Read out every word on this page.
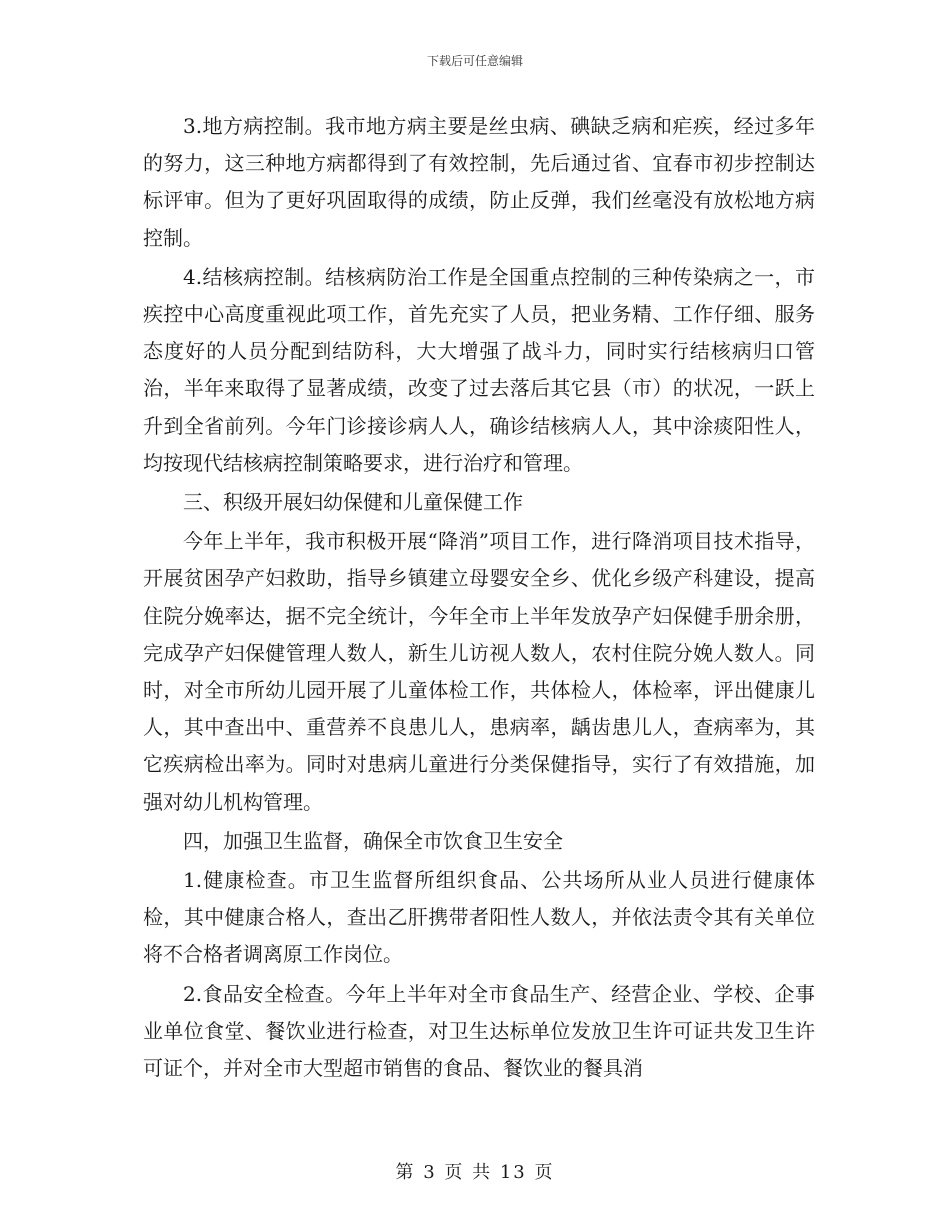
下载后可任意编辑

3.地方病控制。我市地方病主要是丝虫病、碘缺乏病和疟疾，经过多年的努力，这三种地方病都得到了有效控制，先后通过省、宜春市初步控制达标评审。但为了更好巩固取得的成绩，防止反弹，我们丝毫没有放松地方病控制。

4.结核病控制。结核病防治工作是全国重点控制的三种传染病之一，市疾控中心高度重视此项工作，首先充实了人员，把业务精、工作仔细、服务态度好的人员分配到结防科，大大增强了战斗力，同时实行结核病归口管治，半年来取得了显著成绩，改变了过去落后其它县（市）的状况，一跃上升到全省前列。今年门诊接诊病人人，确诊结核病人人，其中涂痰阳性人，均按现代结核病控制策略要求，进行治疗和管理。

三、积级开展妇幼保健和儿童保健工作

今年上半年，我市积极开展“降消”项目工作，进行降消项目技术指导，开展贫困孕产妇救助，指导乡镇建立母婴安全乡、优化乡级产科建设，提高住院分娩率达，据不完全统计，今年全市上半年发放孕产妇保健手册余册，完成孕产妇保健管理人数人，新生儿访视人数人，农村住院分娩人数人。同时，对全市所幼儿园开展了儿童体检工作，共体检人，体检率，评出健康儿人，其中查出中、重营养不良患儿人，患病率，龋齿患儿人，查病率为，其它疾病检出率为。同时对患病儿童进行分类保健指导，实行了有效措施，加强对幼儿机构管理。

四，加强卫生监督，确保全市饮食卫生安全

1.健康检查。市卫生监督所组织食品、公共场所从业人员进行健康体检，其中健康合格人，查出乙肝携带者阳性人数人，并依法责令其有关单位将不合格者调离原工作岗位。

2.食品安全检查。今年上半年对全市食品生产、经营企业、学校、企事业单位食堂、餐饮业进行检查，对卫生达标单位发放卫生许可证共发卫生许可证个，并对全市大型超市销售的食品、餐饮业的餐具消

第 3 页 共 13 页
